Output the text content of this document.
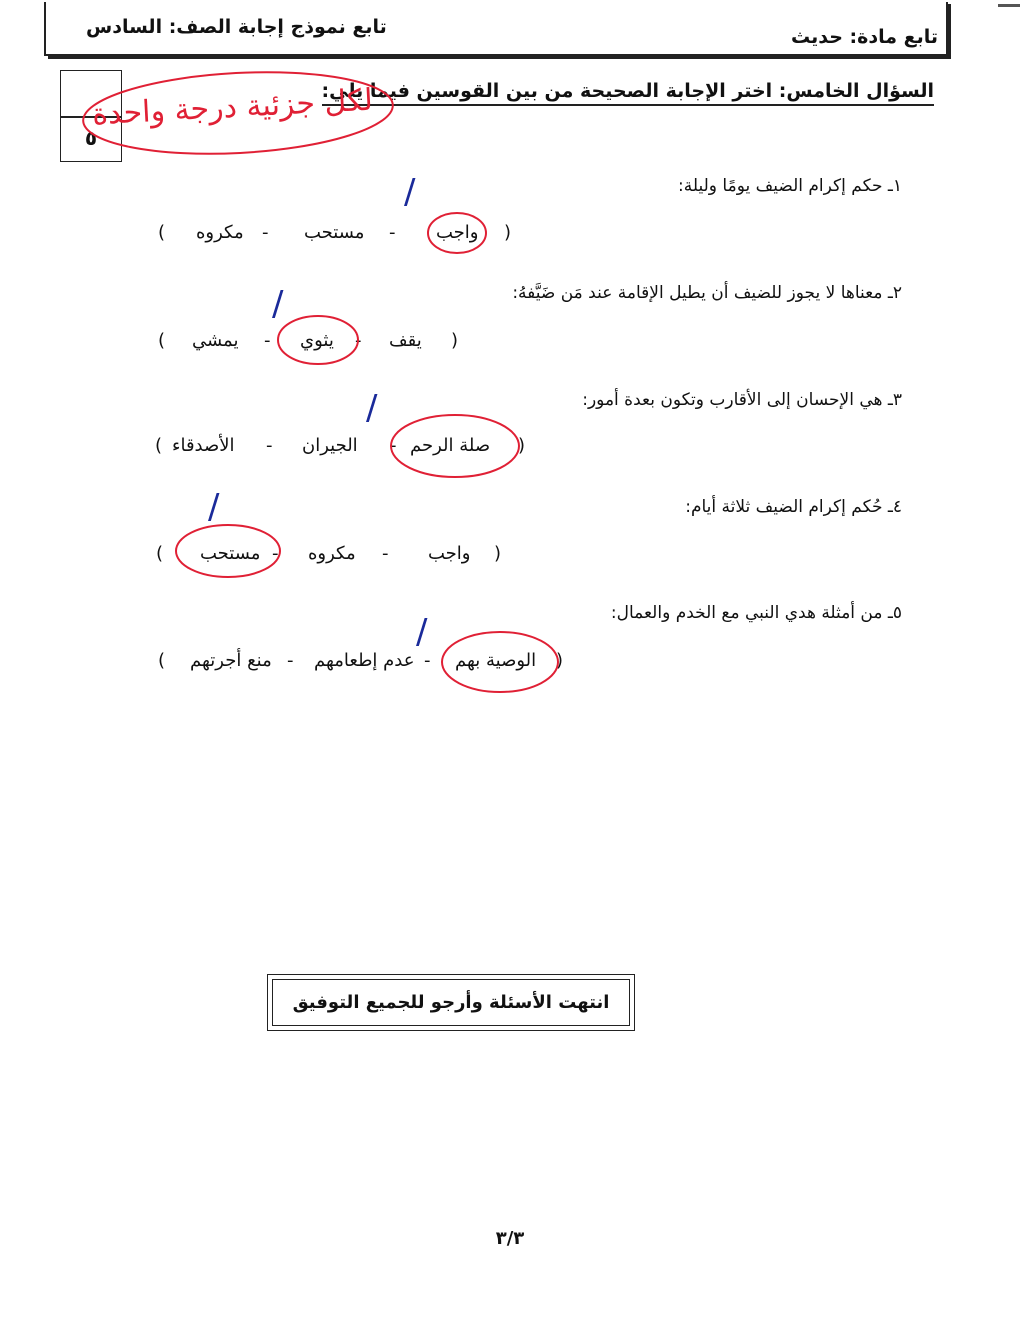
تابع نموذج إجابة الصف: السادس	تابع مادة: حديث
السؤال الخامس: اختر الإجابة الصحيحة من بين القوسين فيما يلي:
٥
لكل جزئية درجة واحدة
١ـ حكم إكرام الضيف يومًا وليلة:
(
واجب
-
مستحب
-
مكروه
)
٢ـ معناها لا يجوز للضيف أن يطيل الإقامة عند مَن ضَيَّفهُ:
(
يقف
-
يثوي
-
يمشي
)
٣ـ هي الإحسان إلى الأقارب وتكون بعدة أمور:
(
صلة الرحم
-
الجيران
-
الأصدقاء
)
٤ـ حُكم إكرام الضيف ثلاثة أيام:
(
واجب
-
مكروه
-
مستحب
)
٥ـ من أمثلة هدي النبي مع الخدم والعمال:
(
الوصية بهم
-
عدم إطعامهم
-
منع أجرتهم
)
/
/
/
/
/
انتهت الأسئلة وأرجو للجميع التوفيق
٣/٣
